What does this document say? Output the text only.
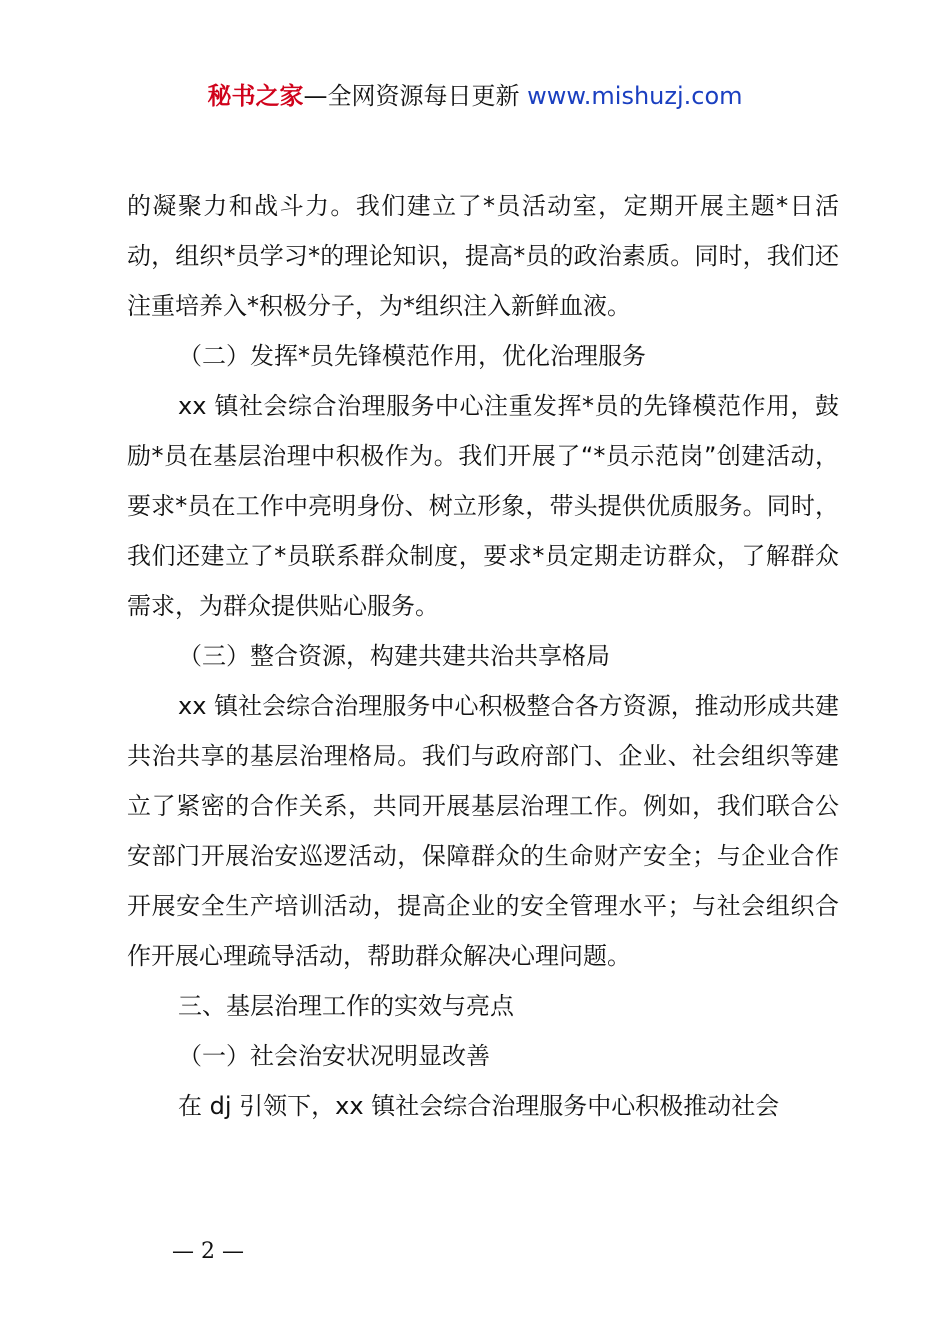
秘书之家—全网资源每日更新 www.mishuzj.com

的凝聚力和战斗力。我们建立了*员活动室，定期开展主题*日活动，组织*员学习*的理论知识，提高*员的政治素质。同时，我们还注重培养入*积极分子，为*组织注入新鲜血液。

（二）发挥*员先锋模范作用，优化治理服务

xx 镇社会综合治理服务中心注重发挥*员的先锋模范作用，鼓励*员在基层治理中积极作为。我们开展了“*员示范岗”创建活动，要求*员在工作中亮明身份、树立形象，带头提供优质服务。同时，我们还建立了*员联系群众制度，要求*员定期走访群众，了解群众需求，为群众提供贴心服务。

（三）整合资源，构建共建共治共享格局

xx 镇社会综合治理服务中心积极整合各方资源，推动形成共建共治共享的基层治理格局。我们与政府部门、企业、社会组织等建立了紧密的合作关系，共同开展基层治理工作。例如，我们联合公安部门开展治安巡逻活动，保障群众的生命财产安全；与企业合作开展安全生产培训活动，提高企业的安全管理水平；与社会组织合作开展心理疏导活动，帮助群众解决心理问题。

三、基层治理工作的实效与亮点

（一）社会治安状况明显改善

在 dj 引领下，xx 镇社会综合治理服务中心积极推动社会

— 2 —
